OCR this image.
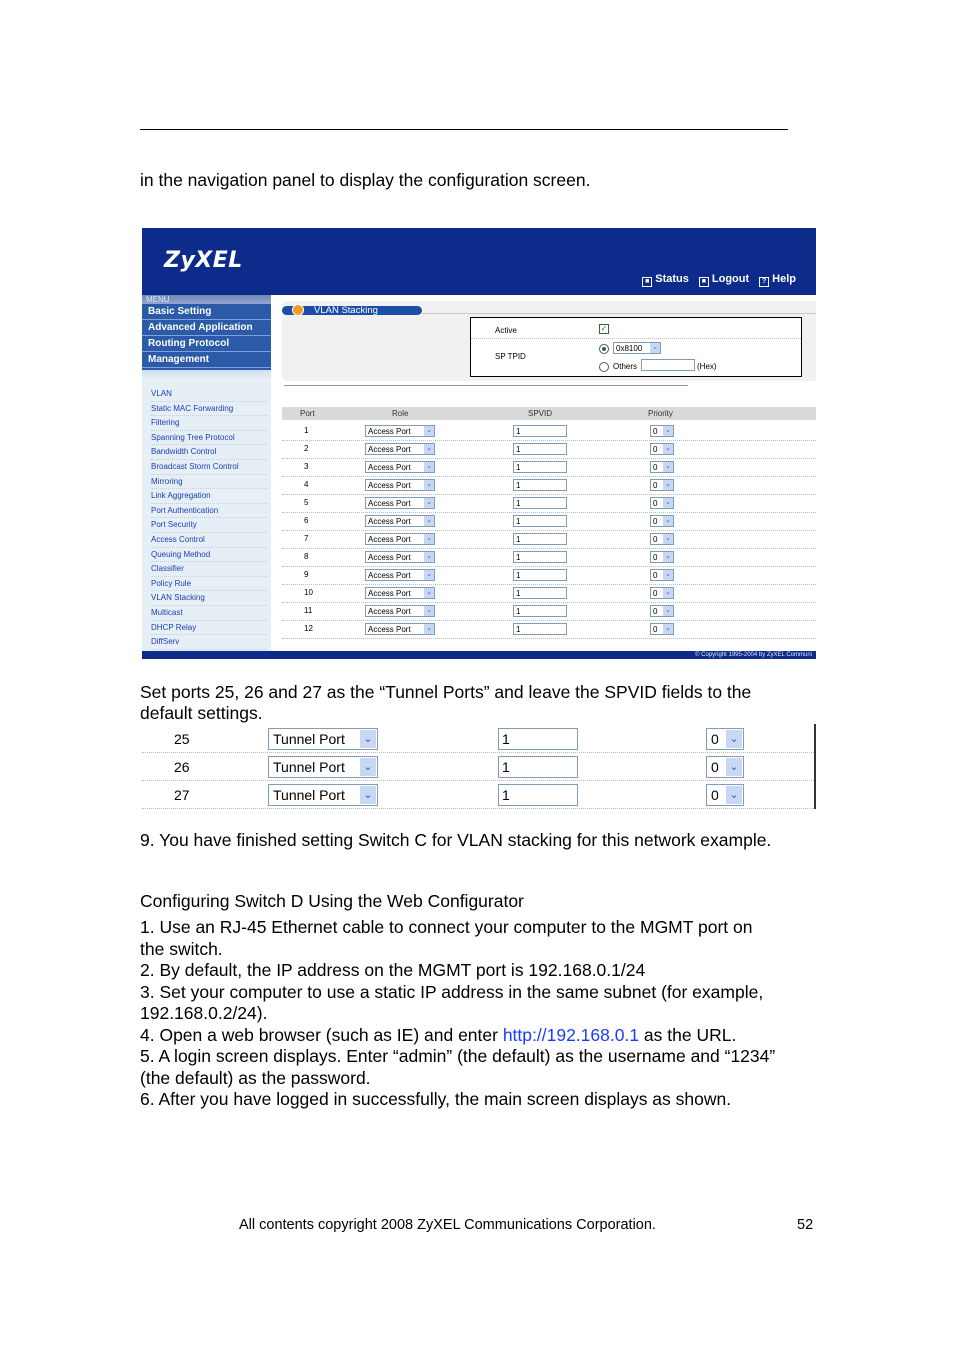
in the navigation panel to display the configuration screen.
ZyXEL
■ Status	■ Logout	? Help
MENU
Basic Setting
Advanced Application
Routing Protocol
Management
VLAN
Static MAC Forwarding
Filtering
Spanning Tree Protocol
Bandwidth Control
Broadcast Storm Control
Mirroring
Link Aggregation
Port Authentication
Port Security
Access Control
Queuing Method
Classifier
Policy Rule
VLAN Stacking
Multicast
DHCP Relay
DiffServ
VLAN Stacking
Active	✓
SP TPID
0x8100 ⌄
Others	(Hex)
Port	Role	SPVID	Priority
1	Access Port ⌄	1	0 ⌄
2	Access Port ⌄	1	0 ⌄
3	Access Port ⌄	1	0 ⌄
4	Access Port ⌄	1	0 ⌄
5	Access Port ⌄	1	0 ⌄
6	Access Port ⌄	1	0 ⌄
7	Access Port ⌄	1	0 ⌄
8	Access Port ⌄	1	0 ⌄
9	Access Port ⌄	1	0 ⌄
10	Access Port ⌄	1	0 ⌄
11	Access Port ⌄	1	0 ⌄
12	Access Port ⌄	1	0 ⌄
© Copyright 1995-2004 by ZyXEL Communi
Set ports 25, 26 and 27 as the “Tunnel Ports” and leave the SPVID fields to the
default settings.
25	Tunnel Port	⌄	1	0 ⌄
26	Tunnel Port	⌄	1	0 ⌄
27	Tunnel Port	⌄	1	0 ⌄
9. You have finished setting Switch C for VLAN stacking for this network example.
Configuring Switch D Using the Web Configurator
1. Use an RJ-45 Ethernet cable to connect your computer to the MGMT port on
the switch.
2. By default, the IP address on the MGMT port is 192.168.0.1/24
3. Set your computer to use a static IP address in the same subnet (for example,
192.168.0.2/24).
4. Open a web browser (such as IE) and enter http://192.168.0.1 as the URL.
5. A login screen displays. Enter “admin” (the default) as the username and “1234”
(the default) as the password.
6. After you have logged in successfully, the main screen displays as shown.
All contents copyright 2008 ZyXEL Communications Corporation.	52
